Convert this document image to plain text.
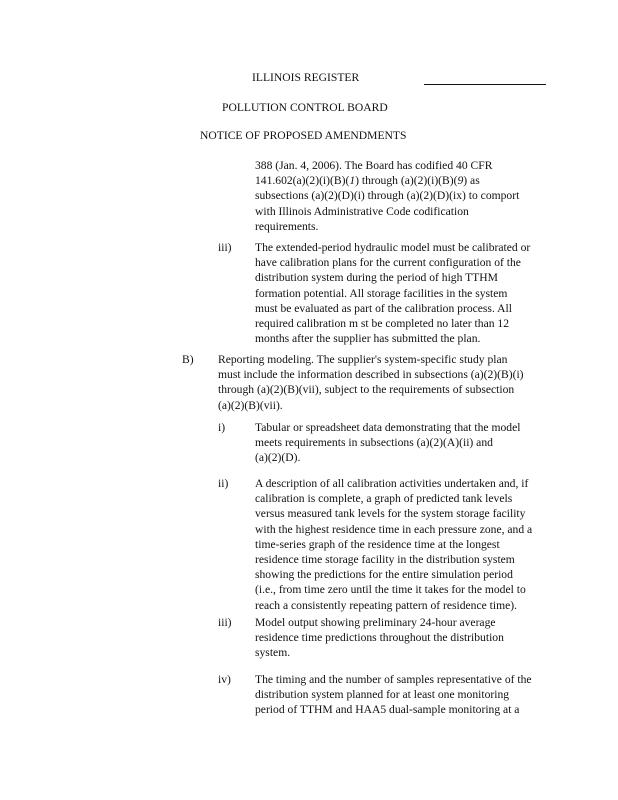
ILLINOIS REGISTER
POLLUTION CONTROL BOARD
NOTICE OF PROPOSED AMENDMENTS
388 (Jan. 4, 2006). The Board has codified 40 CFR
141.602(a)(2)(i)(B)(1) through (a)(2)(i)(B)(9) as
subsections (a)(2)(D)(i) through (a)(2)(D)(ix) to comport
with Illinois Administrative Code codification
requirements.
iii) The extended-period hydraulic model must be calibrated or
have calibration plans for the current configuration of the
distribution system during the period of high TTHM
formation potential. All storage facilities in the system
must be evaluated as part of the calibration process. All
required calibration m st be completed no later than 12
months after the supplier has submitted the plan.
B) Reporting modeling. The supplier's system-specific study plan
must include the information described in subsections (a)(2)(B)(i)
through (a)(2)(B)(vii), subject to the requirements of subsection
(a)(2)(B)(vii).
i)	Tabular or spreadsheet data demonstrating that the model
meets requirements in subsections (a)(2)(A)(ii) and
(a)(2)(D).
ii) A description of all calibration activities undertaken and, if
calibration is complete, a graph of predicted tank levels
versus measured tank levels for the system storage facility
with the highest residence time in each pressure zone, and a
time-series graph of the residence time at the longest
residence time storage facility in the distribution system
showing the predictions for the entire simulation period
(i.e., from time zero until the time it takes for the model to
reach a consistently repeating pattern of residence time).
iii) Model output showing preliminary 24-hour average
residence time predictions throughout the distribution
system.
iv) The timing and the number of samples representative of the
distribution system planned for at least one monitoring
period of TTHM and HAA5 dual-sample monitoring at a
